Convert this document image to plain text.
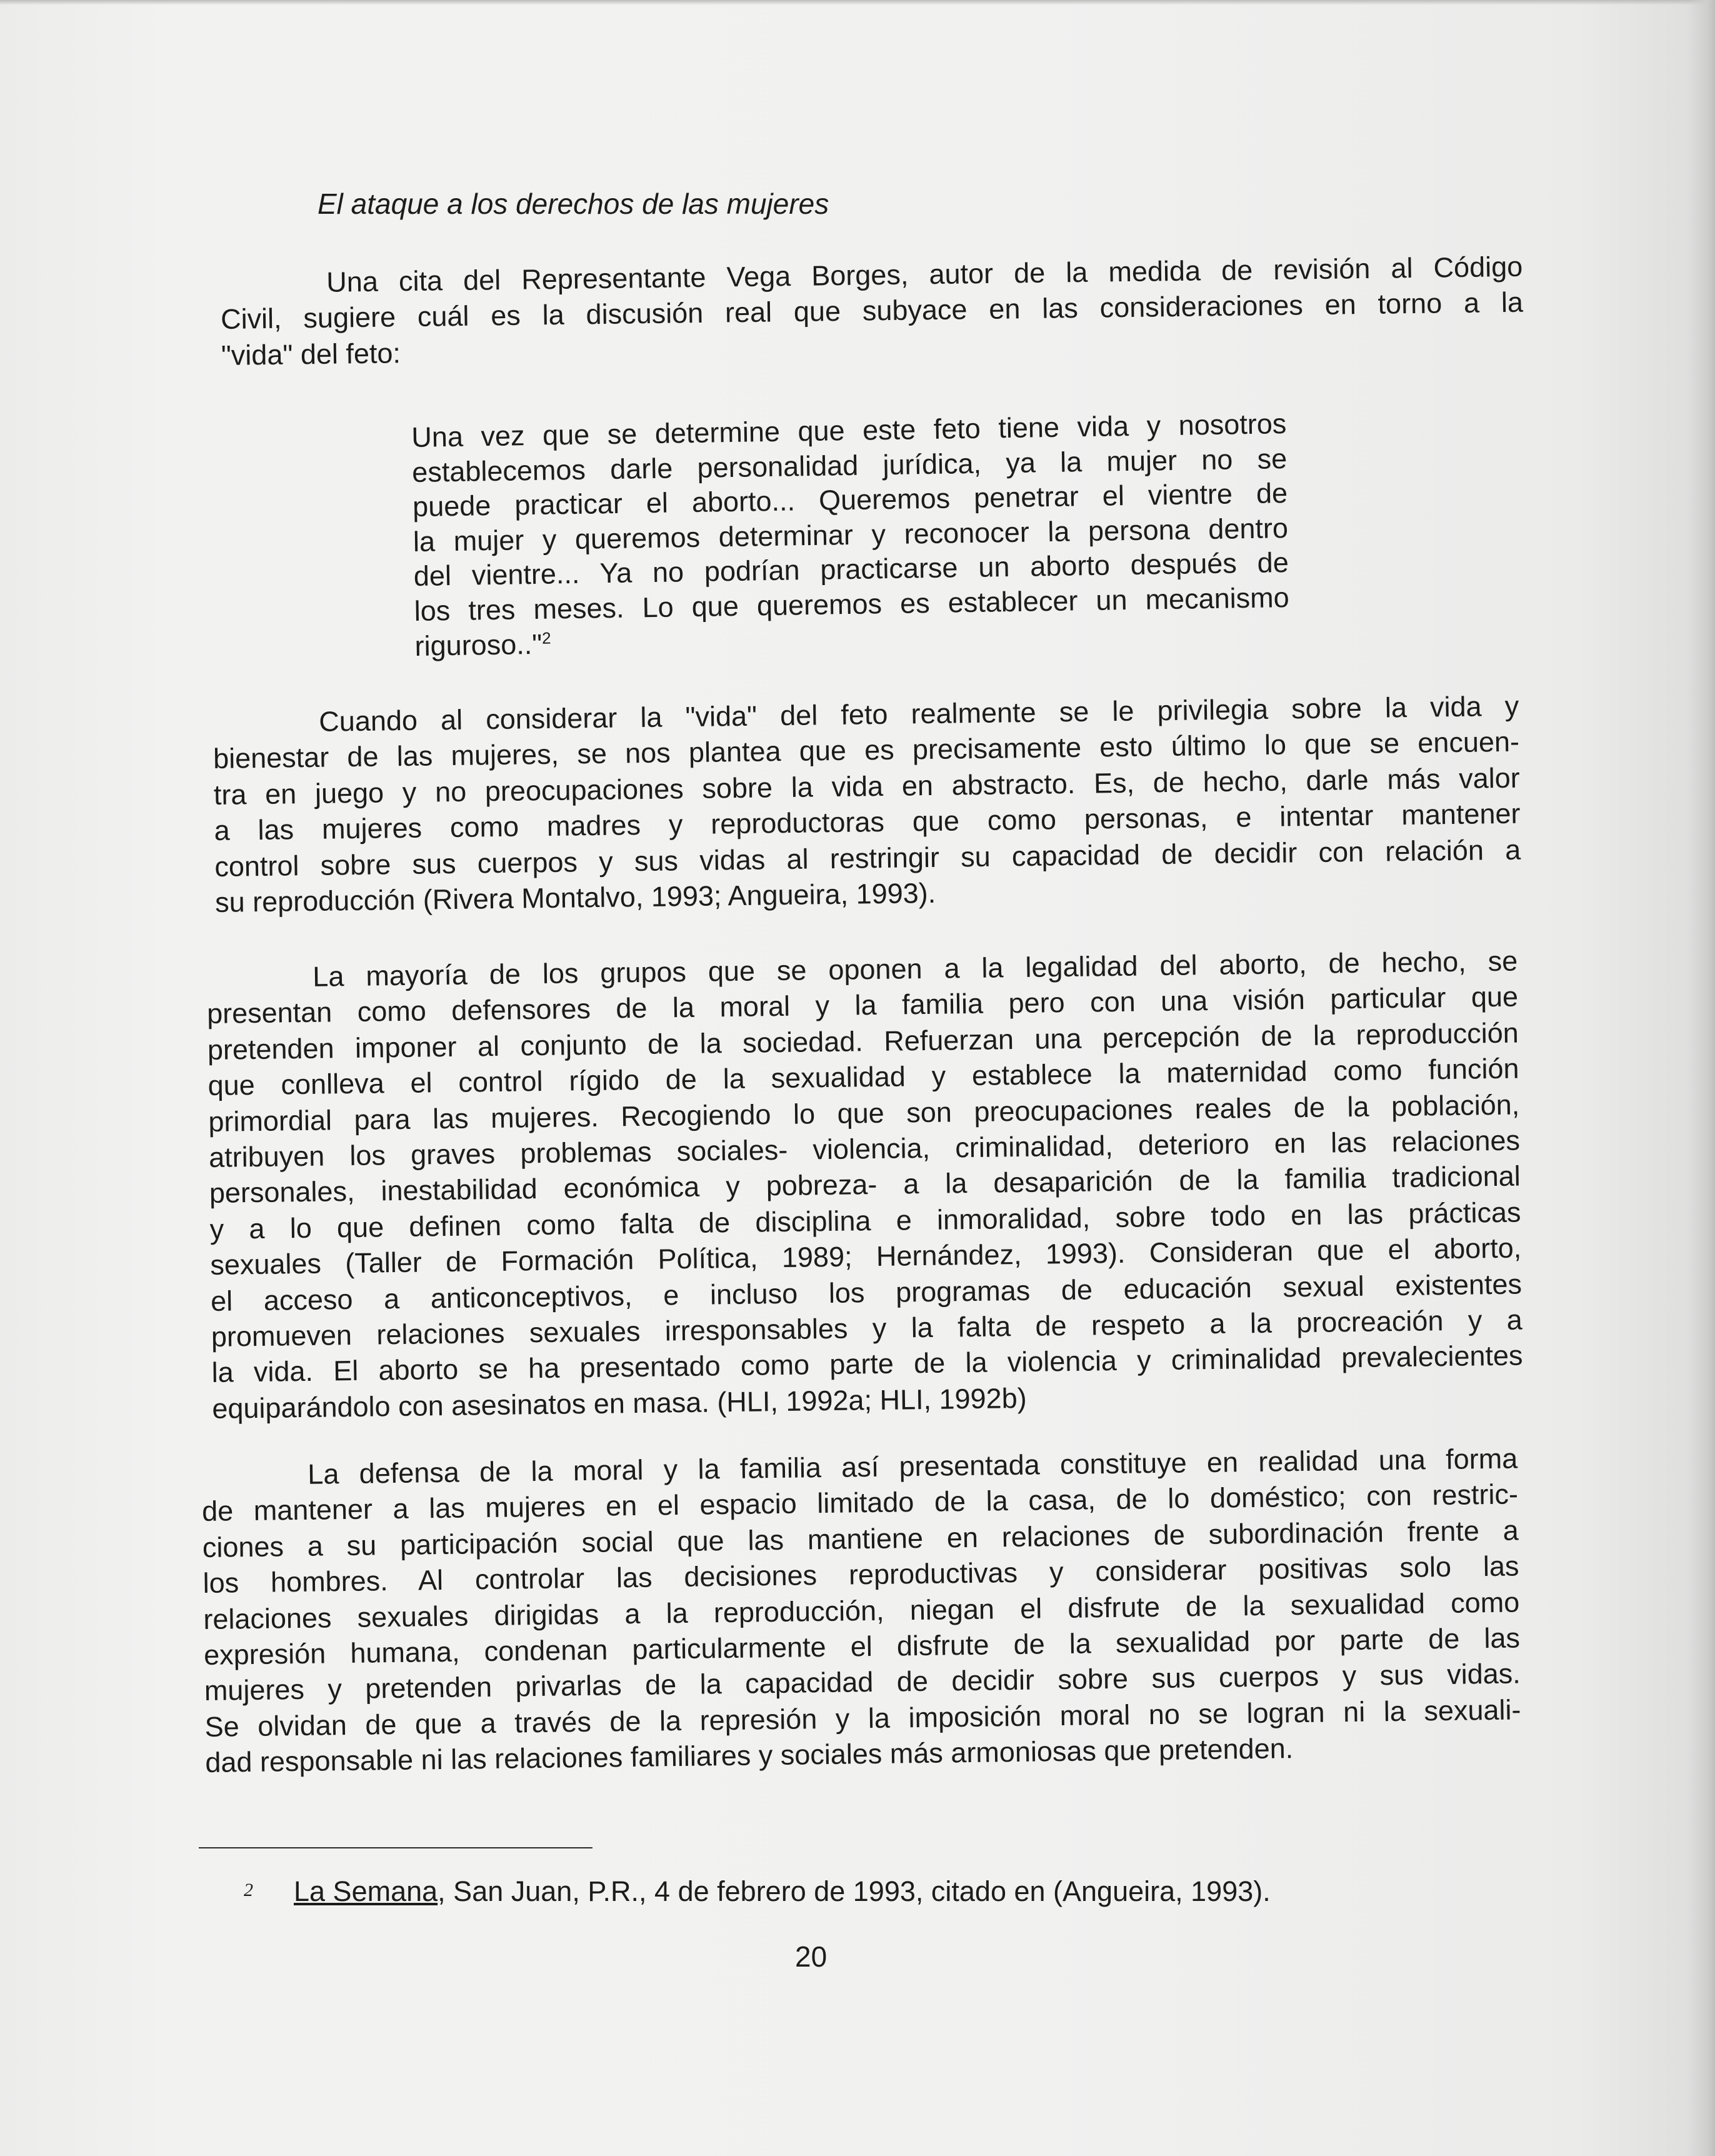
El ataque a los derechos de las mujeres

Una cita del Representante Vega Borges, autor de la medida de revisión al Código
Civil, sugiere cuál es la discusión real que subyace en las consideraciones en torno a la
"vida" del feto:

Una vez que se determine que este feto tiene vida y nosotros
establecemos darle personalidad jurídica, ya la mujer no se
puede practicar el aborto... Queremos penetrar el vientre de
la mujer y queremos determinar y reconocer la persona dentro
del vientre... Ya no podrían practicarse un aborto después de
los tres meses. Lo que queremos es establecer un mecanismo
riguroso.."$^2$

Cuando al considerar la "vida" del feto realmente se le privilegia sobre la vida y
bienestar de las mujeres, se nos plantea que es precisamente esto último lo que se encuen-
tra en juego y no preocupaciones sobre la vida en abstracto. Es, de hecho, darle más valor
a las mujeres como madres y reproductoras que como personas, e intentar mantener
control sobre sus cuerpos y sus vidas al restringir su capacidad de decidir con relación a
su reproducción (Rivera Montalvo, 1993; Angueira, 1993).

La mayoría de los grupos que se oponen a la legalidad del aborto, de hecho, se
presentan como defensores de la moral y la familia pero con una visión particular que
pretenden imponer al conjunto de la sociedad. Refuerzan una percepción de la reproducción
que conlleva el control rígido de la sexualidad y establece la maternidad como función
primordial para las mujeres. Recogiendo lo que son preocupaciones reales de la población,
atribuyen los graves problemas sociales- violencia, criminalidad, deterioro en las relaciones
personales, inestabilidad económica y pobreza- a la desaparición de la familia tradicional
y a lo que definen como falta de disciplina e inmoralidad, sobre todo en las prácticas
sexuales (Taller de Formación Política, 1989; Hernández, 1993). Consideran que el aborto,
el acceso a anticonceptivos, e incluso los programas de educación sexual existentes
promueven relaciones sexuales irresponsables y la falta de respeto a la procreación y a
la vida. El aborto se ha presentado como parte de la violencia y criminalidad prevalecientes
equiparándolo con asesinatos en masa. (HLI, 1992a; HLI, 1992b)

La defensa de la moral y la familia así presentada constituye en realidad una forma
de mantener a las mujeres en el espacio limitado de la casa, de lo doméstico; con restric-
ciones a su participación social que las mantiene en relaciones de subordinación frente a
los hombres. Al controlar las decisiones reproductivas y considerar positivas solo las
relaciones sexuales dirigidas a la reproducción, niegan el disfrute de la sexualidad como
expresión humana, condenan particularmente el disfrute de la sexualidad por parte de las
mujeres y pretenden privarlas de la capacidad de decidir sobre sus cuerpos y sus vidas.
Se olvidan de que a través de la represión y la imposición moral no se logran ni la sexuali-
dad responsable ni las relaciones familiares y sociales más armoniosas que pretenden.

2 La Semana, San Juan, P.R., 4 de febrero de 1993, citado en (Angueira, 1993).
20
